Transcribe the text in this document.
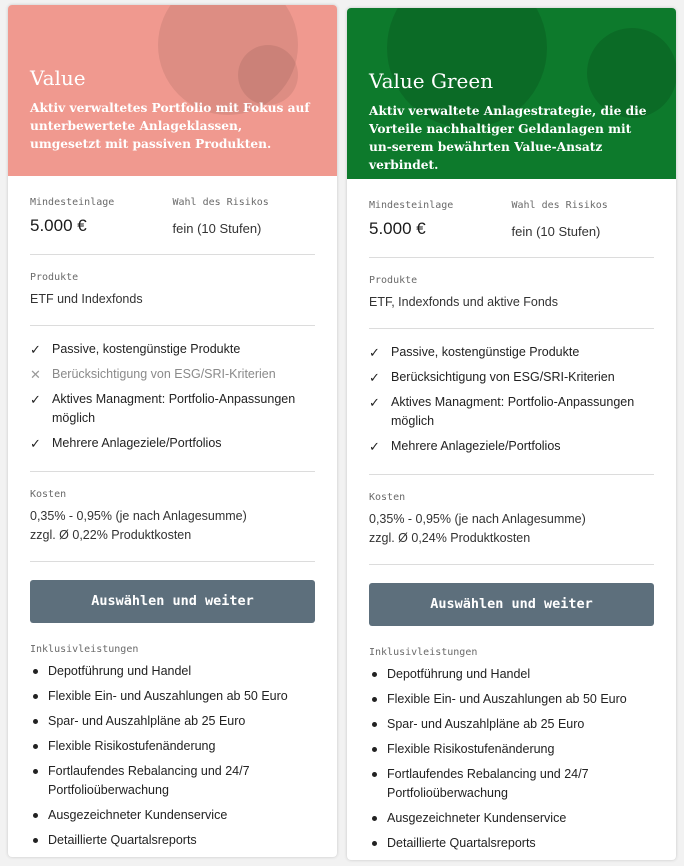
Value

Aktiv verwaltetes Portfolio mit Fokus auf unterbewertete Anlageklassen, umgesetzt mit passiven Produkten.

Mindesteinlage
5.000 €
Wahl des Risikos
fein (10 Stufen)
Produkte
ETF und Indexfonds
✓ Passive, kostengünstige Produkte
✕ Berücksichtigung von ESG/SRI-Kriterien
✓ Aktives Managment: Portfolio-Anpassungen möglich
✓ Mehrere Anlageziele/Portfolios
Kosten
0,35% - 0,95% (je nach Anlagesumme)
zzgl. Ø 0,22% Produktkosten
Auswählen und weiter
Inklusivleistungen
Depotführung und Handel
Flexible Ein- und Auszahlungen ab 50 Euro
Spar- und Auszahlpläne ab 25 Euro
Flexible Risikostufenänderung
Fortlaufendes Rebalancing und 24/7 Portfolioüberwachung
Ausgezeichneter Kundenservice
Detaillierte Quartalsreports
Value Green

Aktiv verwaltete Anlagestrategie, die die Vorteile nachhaltiger Geldanlagen mit un-serem bewährten Value-Ansatz verbindet.

Mindesteinlage
5.000 €
Wahl des Risikos
fein (10 Stufen)
Produkte
ETF, Indexfonds und aktive Fonds
✓ Passive, kostengünstige Produkte
✓ Berücksichtigung von ESG/SRI-Kriterien
✓ Aktives Managment: Portfolio-Anpassungen möglich
✓ Mehrere Anlageziele/Portfolios
Kosten
0,35% - 0,95% (je nach Anlagesumme)
zzgl. Ø 0,24% Produktkosten
Auswählen und weiter
Inklusivleistungen
Depotführung und Handel
Flexible Ein- und Auszahlungen ab 50 Euro
Spar- und Auszahlpläne ab 25 Euro
Flexible Risikostufenänderung
Fortlaufendes Rebalancing und 24/7 Portfolioüberwachung
Ausgezeichneter Kundenservice
Detaillierte Quartalsreports
